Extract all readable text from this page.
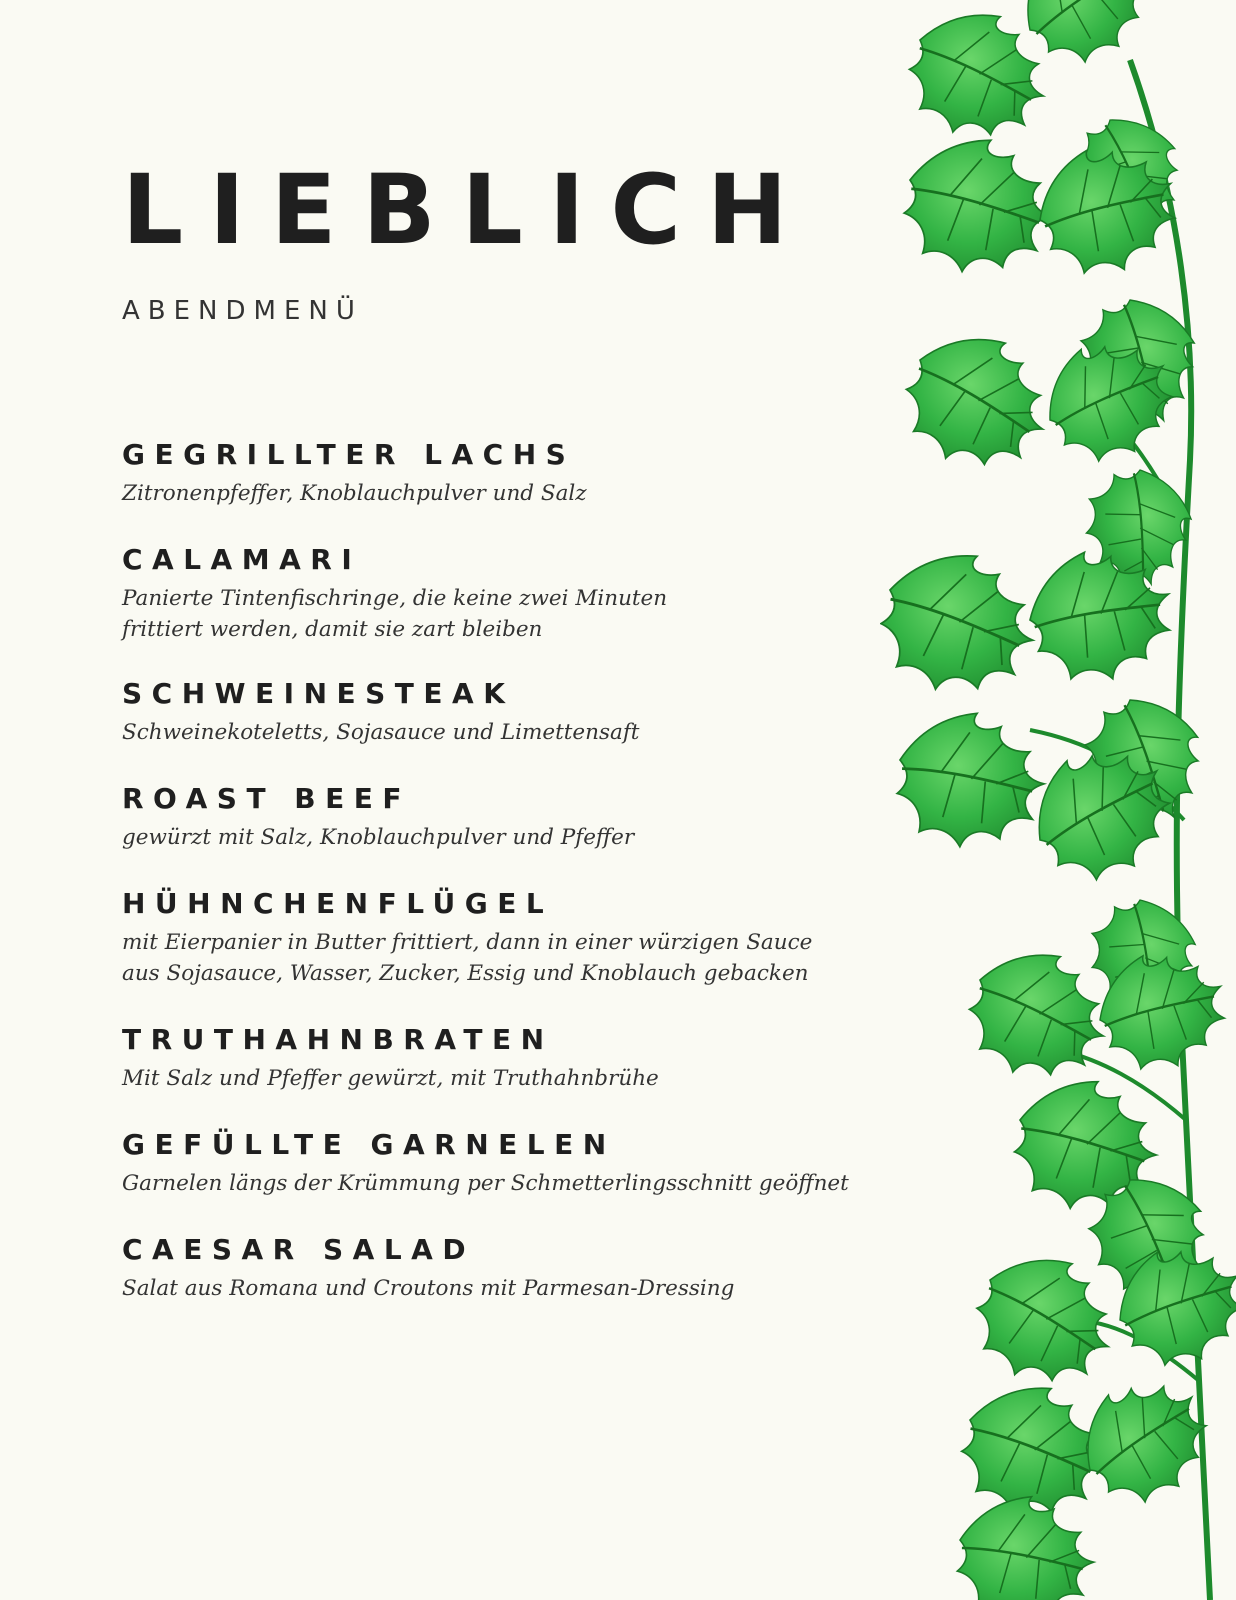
LIEBLICH
ABENDMENÜ
GEGRILLTER LACHS
Zitronenpfeffer, Knoblauchpulver und Salz
CALAMARI
Panierte Tintenfischringe, die keine zwei Minuten
frittiert werden, damit sie zart bleiben
SCHWEINESTEAK
Schweinekoteletts, Sojasauce und Limettensaft
ROAST BEEF
gewürzt mit Salz, Knoblauchpulver und Pfeffer
HÜHNCHENFLÜGEL
mit Eierpanier in Butter frittiert, dann in einer würzigen Sauce
aus Sojasauce, Wasser, Zucker, Essig und Knoblauch gebacken
TRUTHAHNBRATEN
Mit Salz und Pfeffer gewürzt, mit Truthahnbrühe
GEFÜLLTE GARNELEN
Garnelen längs der Krümmung per Schmetterlingsschnitt geöffnet
CAESAR SALAD
Salat aus Romana und Croutons mit Parmesan-Dressing
